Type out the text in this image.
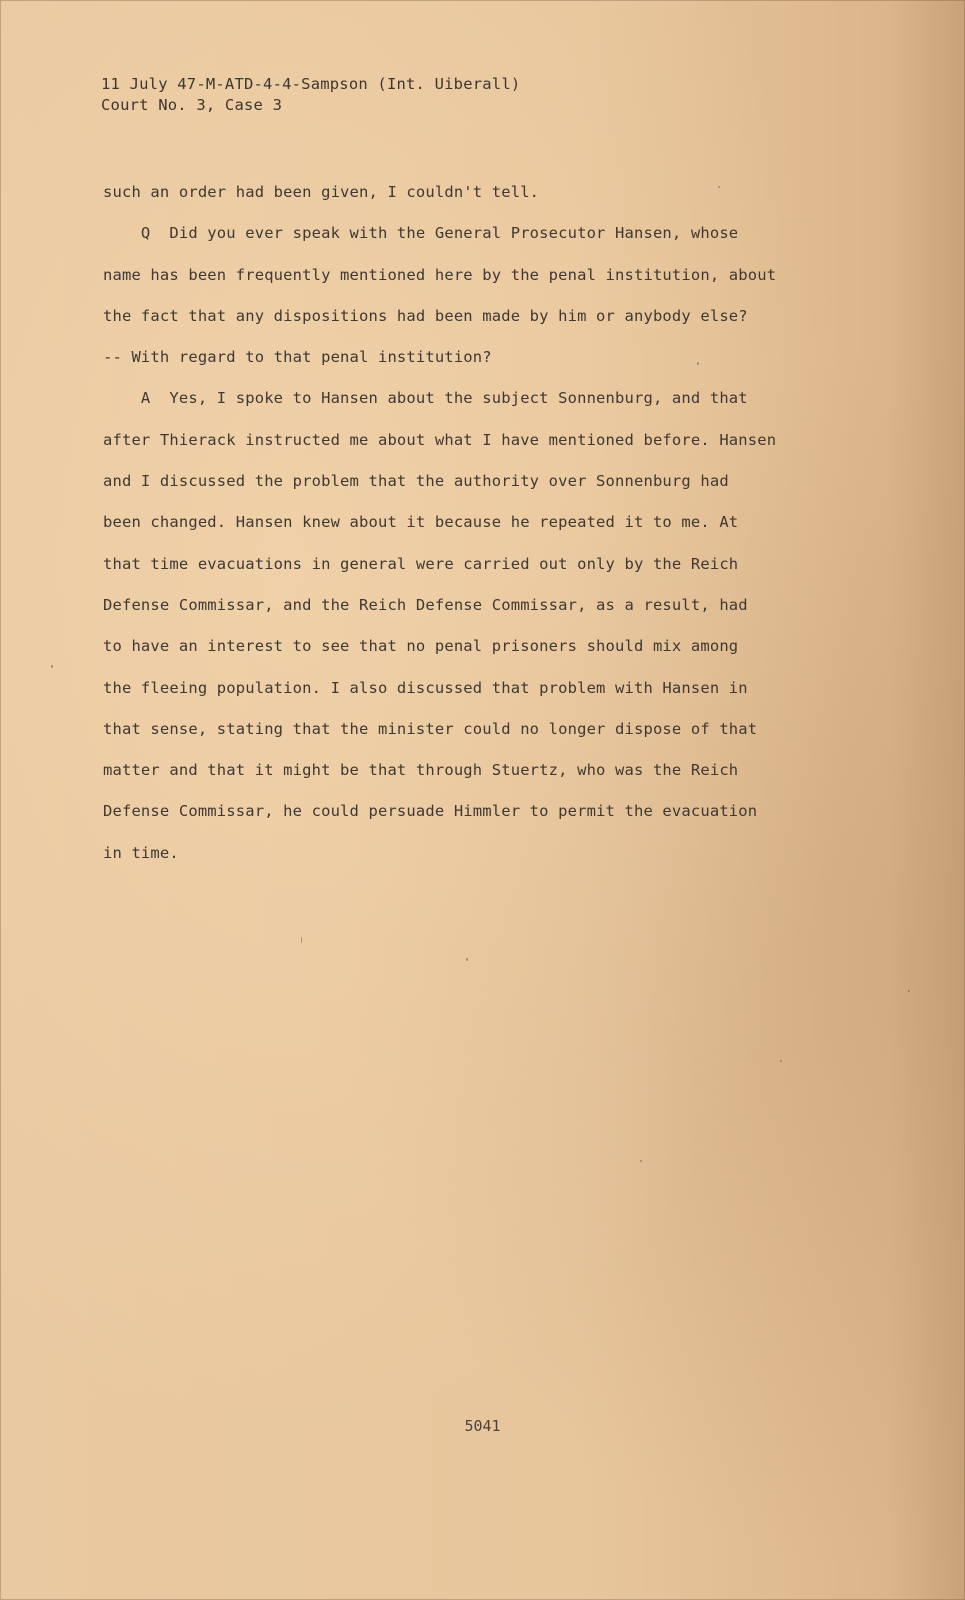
11 July 47-M-ATD-4-4-Sampson (Int. Uiberall)
Court No. 3, Case 3
such an order had been given, I couldn't tell.
Q  Did you ever speak with the General Prosecutor Hansen, whose
name has been frequently mentioned here by the penal institution, about
the fact that any dispositions had been made by him or anybody else?
-- With regard to that penal institution?
A  Yes, I spoke to Hansen about the subject Sonnenburg, and that
after Thierack instructed me about what I have mentioned before. Hansen
and I discussed the problem that the authority over Sonnenburg had
been changed. Hansen knew about it because he repeated it to me. At
that time evacuations in general were carried out only by the Reich
Defense Commissar, and the Reich Defense Commissar, as a result, had
to have an interest to see that no penal prisoners should mix among
the fleeing population. I also discussed that problem with Hansen in
that sense, stating that the minister could no longer dispose of that
matter and that it might be that through Stuertz, who was the Reich
Defense Commissar, he could persuade Himmler to permit the evacuation
in time.
5041
